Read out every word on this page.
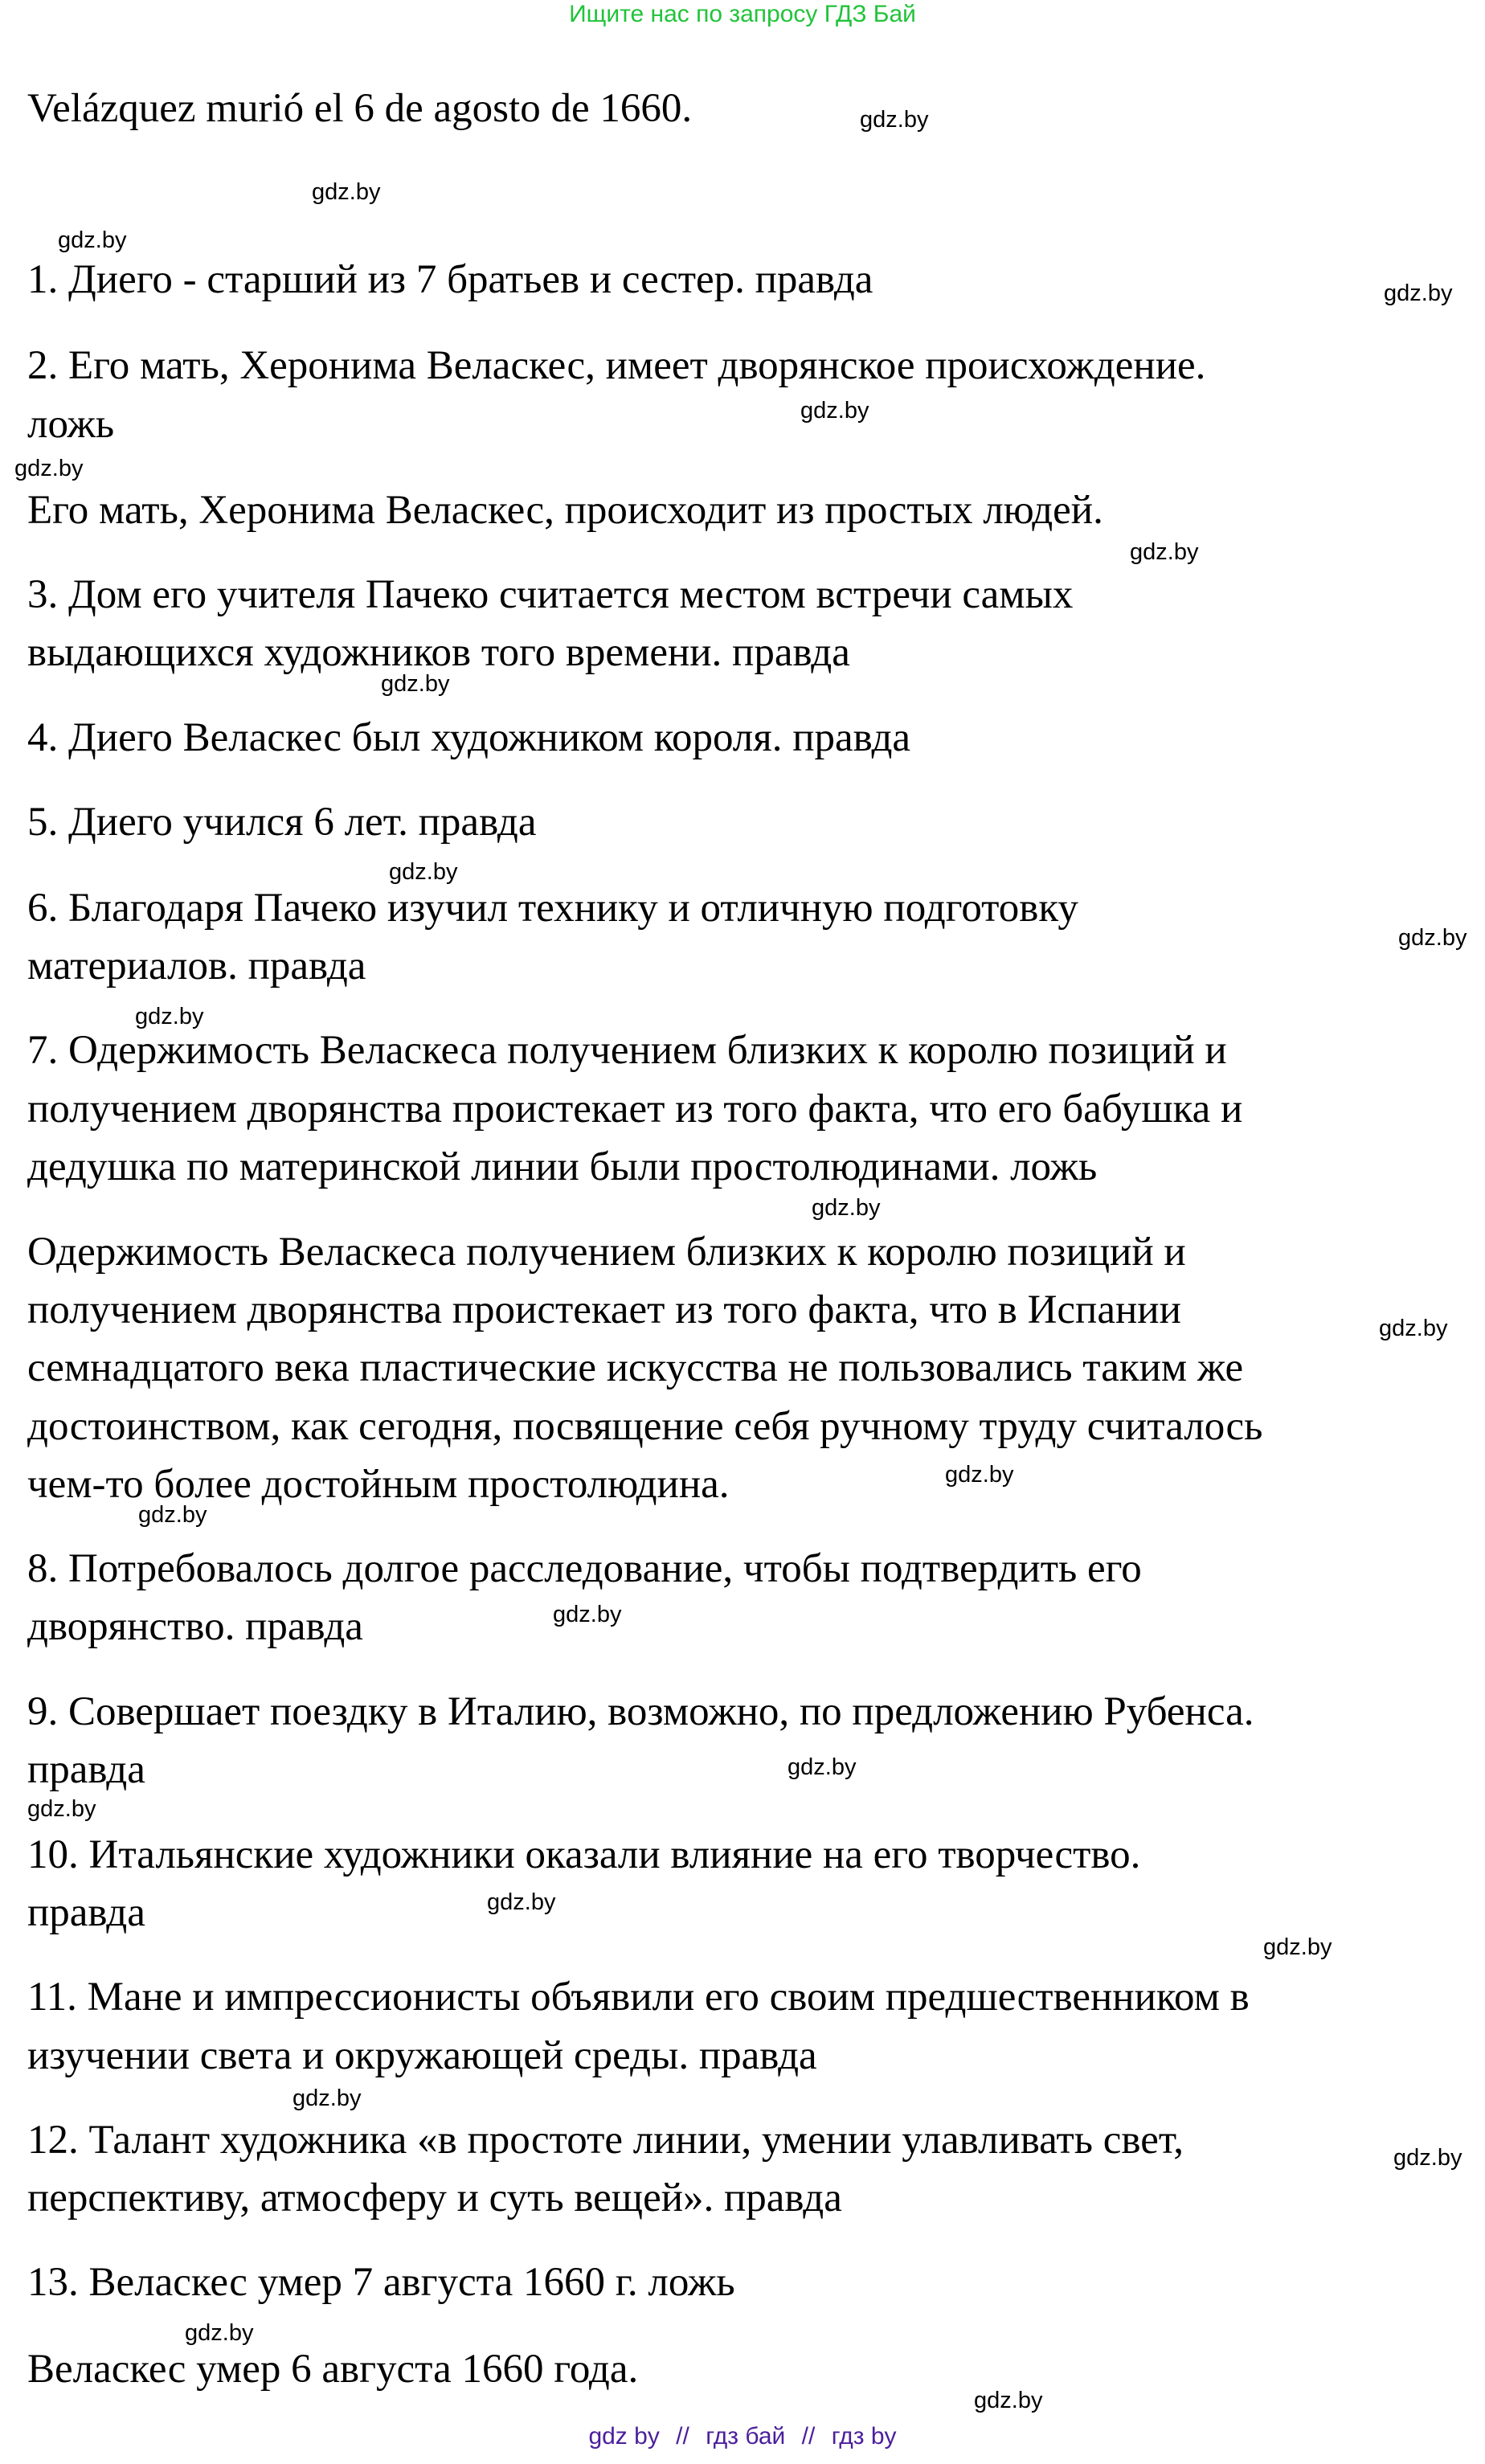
Ищите нас по запросу ГДЗ Бай
Velázquez murió el 6 de agosto de 1660.
1. Диего - старший из 7 братьев и сестер. правда
2. Его мать, Херонима Веласкес, имеет дворянское происхождение.
ложь
Его мать, Херонима Веласкес, происходит из простых людей.
3. Дом его учителя Пачеко считается местом встречи самых
выдающихся художников того времени. правда
4. Диего Веласкес был художником короля. правда
5. Диего учился 6 лет. правда
6. Благодаря Пачеко изучил технику и отличную подготовку
материалов. правда
7. Одержимость Веласкеса получением близких к королю позиций и
получением дворянства проистекает из того факта, что его бабушка и
дедушка по материнской линии были простолюдинами. ложь
Одержимость Веласкеса получением близких к королю позиций и
получением дворянства проистекает из того факта, что в Испании
семнадцатого века пластические искусства не пользовались таким же
достоинством, как сегодня, посвящение себя ручному труду считалось
чем-то более достойным простолюдина.
8. Потребовалось долгое расследование, чтобы подтвердить его
дворянство. правда
9. Совершает поездку в Италию, возможно, по предложению Рубенса.
правда
10. Итальянские художники оказали влияние на его творчество.
правда
11. Мане и импрессионисты объявили его своим предшественником в
изучении света и окружающей среды. правда
12. Талант художника «в простоте линии, умении улавливать свет,
перспективу, атмосферу и суть вещей». правда
13. Веласкес умер 7 августа 1660 г. ложь
Веласкес умер 6 августа 1660 года.
gdz.by
gdz.by
gdz.by
gdz.by
gdz.by
gdz.by
gdz.by
gdz.by
gdz.by
gdz.by
gdz.by
gdz.by
gdz.by
gdz.by
gdz.by
gdz.by
gdz.by
gdz.by
gdz.by
gdz.by
gdz.by
gdz.by
gdz.by
gdz.by
gdz by // гдз бай // гдз by
